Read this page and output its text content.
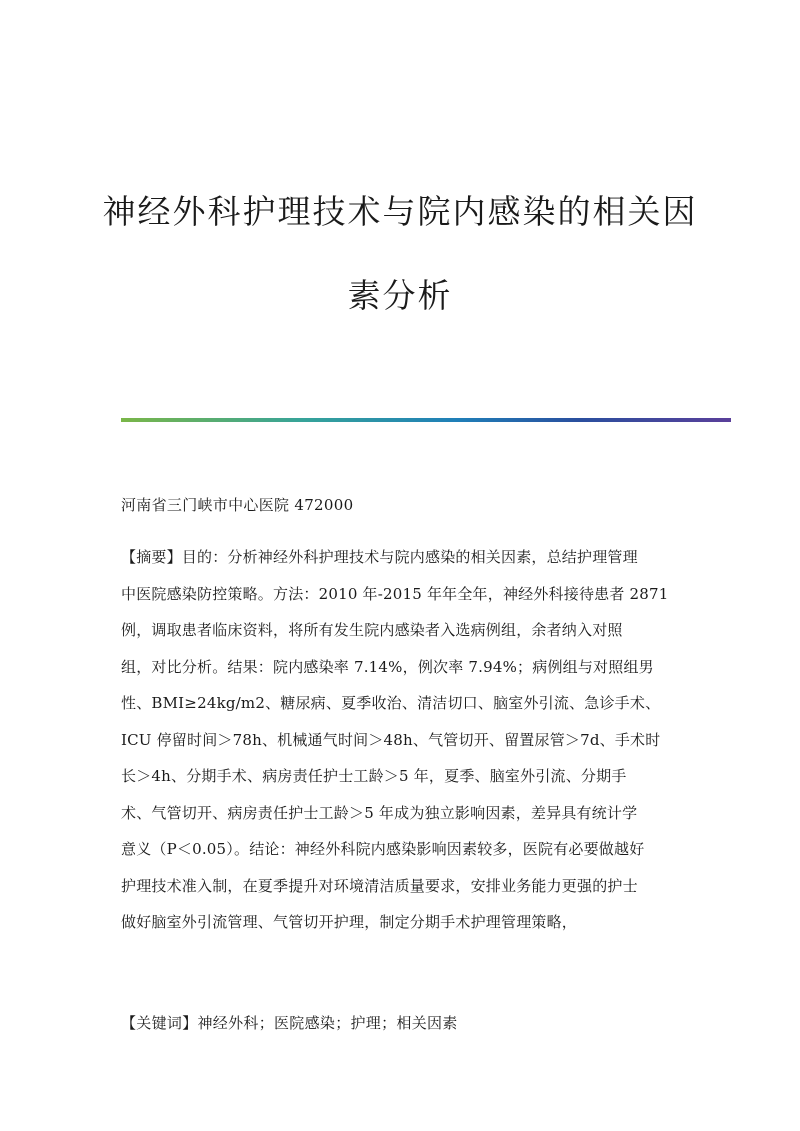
神经外科护理技术与院内感染的相关因
素分析
河南省三门峡市中心医院 472000
【摘要】目的：分析神经外科护理技术与院内感染的相关因素，总结护理管理
中医院感染防控策略。方法：2010 年-2015 年年全年，神经外科接待患者 2871
例，调取患者临床资料，将所有发生院内感染者入选病例组，余者纳入对照
组，对比分析。结果：院内感染率 7.14%，例次率 7.94%；病例组与对照组男
性、BMI≥24kg/m2、糖尿病、夏季收治、清洁切口、脑室外引流、急诊手术、
ICU 停留时间＞78h、机械通气时间＞48h、气管切开、留置尿管＞7d、手术时
长＞4h、分期手术、病房责任护士工龄＞5 年，夏季、脑室外引流、分期手
术、气管切开、病房责任护士工龄＞5 年成为独立影响因素，差异具有统计学
意义（P＜0.05）。结论：神经外科院内感染影响因素较多，医院有必要做越好
护理技术准入制，在夏季提升对环境清洁质量要求，安排业务能力更强的护士
做好脑室外引流管理、气管切开护理，制定分期手术护理管理策略，
【关键词】神经外科；医院感染；护理；相关因素
